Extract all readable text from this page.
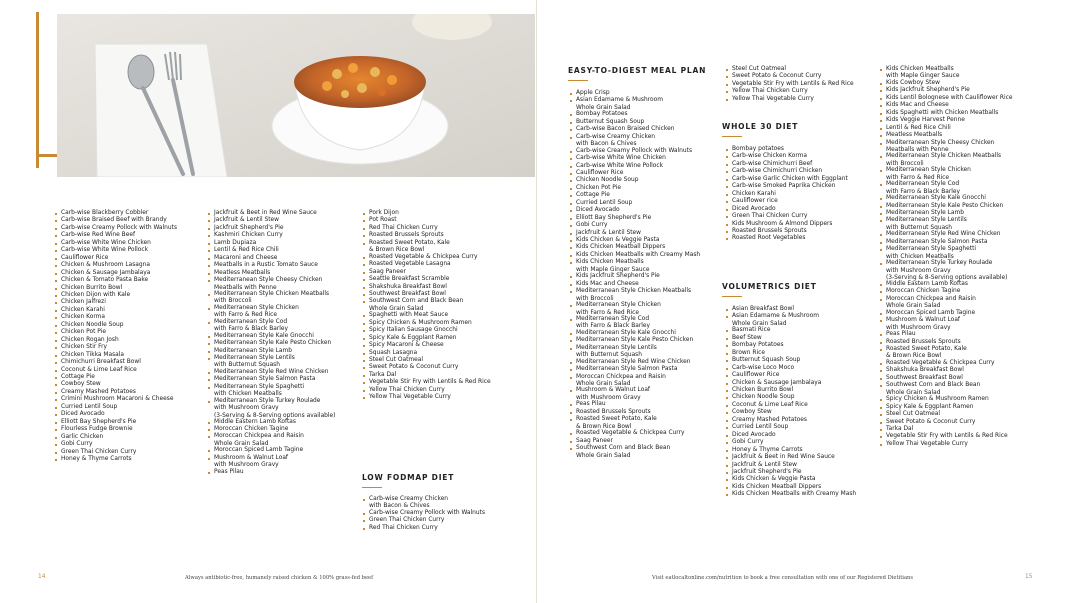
Carb-wise Blackberry Cobbler
Carb-wise Braised Beef with Brandy
Carb-wise Creamy Pollock with Walnuts
Carb-wise Red Wine Beef
Carb-wise White Wine Chicken
Carb-wise White Wine Pollock
Cauliflower Rice
Chicken & Mushroom Lasagna
Chicken & Sausage Jambalaya
Chicken & Tomato Pasta Bake
Chicken Burrito Bowl
Chicken Dijon with Kale
Chicken Jalfrezi
Chicken Karahi
Chicken Korma
Chicken Noodle Soup
Chicken Pot Pie
Chicken Rogan Josh
Chicken Stir Fry
Chicken Tikka Masala
Chimichurri Breakfast Bowl
Coconut & Lime Leaf Rice
Cottage Pie
Cowboy Stew
Creamy Mashed Potatoes
Crimini Mushroom Macaroni & Cheese
Curried Lentil Soup
Diced Avocado
Elliott Bay Shepherd's Pie
Flourless Fudge Brownie
Garlic Chicken
Gobi Curry
Green Thai Chicken Curry
Honey & Thyme Carrots
Jackfruit & Beet in Red Wine Sauce
Jackfruit & Lentil Stew
Jackfruit Shepherd's Pie
Kashmiri Chicken Curry
Lamb Dupiaza
Lentil & Red Rice Chili
Macaroni and Cheese
Meatballs in a Rustic Tomato Sauce
Meatless Meatballs
Mediterranean Style Cheesy Chicken
Meatballs with Penne
Mediterranean Style Chicken Meatballs
with Broccoli
Mediterranean Style Chicken
with Farro & Red Rice
Mediterranean Style Cod
with Farro & Black Barley
Mediterranean Style Kale Gnocchi
Mediterranean Style Kale Pesto Chicken
Mediterranean Style Lamb
Mediterranean Style Lentils
with Butternut Squash
Mediterranean Style Red Wine Chicken
Mediterranean Style Salmon Pasta
Mediterranean Style Spaghetti
with Chicken Meatballs
Mediterranean Style Turkey Roulade
with Mushroom Gravy
(3-Serving & 8-Serving options available)
Middle Eastern Lamb Koftas
Moroccan Chicken Tagine
Moroccan Chickpea and Raisin
Whole Grain Salad
Moroccan Spiced Lamb Tagine
Mushroom & Walnut Loaf
with Mushroom Gravy
Peas Pilau
Pork Dijon
Pot Roast
Red Thai Chicken Curry
Roasted Brussels Sprouts
Roasted Sweet Potato, Kale
& Brown Rice Bowl
Roasted Vegetable & Chickpea Curry
Roasted Vegetable Lasagna
Saag Paneer
Seattle Breakfast Scramble
Shakshuka Breakfast Bowl
Southwest Breakfast Bowl
Southwest Corn and Black Bean
Whole Grain Salad
Spaghetti with Meat Sauce
Spicy Chicken & Mushroom Ramen
Spicy Italian Sausage Gnocchi
Spicy Kale & Eggplant Ramen
Spicy Macaroni & Cheese
Squash Lasagna
Steel Cut Oatmeal
Sweet Potato & Coconut Curry
Tarka Dal
Vegetable Stir Fry with Lentils & Red Rice
Yellow Thai Chicken Curry
Yellow Thai Vegetable Curry
LOW FODMAP DIET
Carb-wise Creamy Chicken
with Bacon & Chives
Carb-wise Creamy Pollock with Walnuts
Green Thai Chicken Curry
Red Thai Chicken Curry
14	Always antibiotic-free, humanely raised chicken & 100% grass-fed beef
EASY-TO-DIGEST MEAL PLAN
Apple Crisp
Asian Edamame & Mushroom
Whole Grain Salad
Bombay Potatoes
Butternut Squash Soup
Carb-wise Bacon Braised Chicken
Carb-wise Creamy Chicken
with Bacon & Chives
Carb-wise Creamy Pollock with Walnuts
Carb-wise White Wine Chicken
Carb-wise White Wine Pollock
Cauliflower Rice
Chicken Noodle Soup
Chicken Pot Pie
Cottage Pie
Curried Lentil Soup
Diced Avocado
Elliott Bay Shepherd's Pie
Gobi Curry
Jackfruit & Lentil Stew
Kids Chicken & Veggie Pasta
Kids Chicken Meatball Dippers
Kids Chicken Meatballs with Creamy Mash
Kids Chicken Meatballs
with Maple Ginger Sauce
Kids Jackfruit Shepherd's Pie
Kids Mac and Cheese
Mediterranean Style Chicken Meatballs
with Broccoli
Mediterranean Style Chicken
with Farro & Red Rice
Mediterranean Style Cod
with Farro & Black Barley
Mediterranean Style Kale Gnocchi
Mediterranean Style Kale Pesto Chicken
Mediterranean Style Lentils
with Butternut Squash
Mediterranean Style Red Wine Chicken
Mediterranean Style Salmon Pasta
Moroccan Chickpea and Raisin
Whole Grain Salad
Mushroom & Walnut Loaf
with Mushroom Gravy
Peas Pilau
Roasted Brussels Sprouts
Roasted Sweet Potato, Kale
& Brown Rice Bowl
Roasted Vegetable & Chickpea Curry
Saag Paneer
Southwest Corn and Black Bean
Whole Grain Salad
Steel Cut Oatmeal
Sweet Potato & Coconut Curry
Vegetable Stir Fry with Lentils & Red Rice
Yellow Thai Chicken Curry
Yellow Thai Vegetable Curry
WHOLE 30 DIET
Bombay potatoes
Carb-wise Chicken Korma
Carb-wise Chimichurri Beef
Carb-wise Chimichurri Chicken
Carb-wise Garlic Chicken with Eggplant
Carb-wise Smoked Paprika Chicken
Chicken Karahi
Cauliflower rice
Diced Avocado
Green Thai Chicken Curry
Kids Mushroom & Almond Dippers
Roasted Brussels Sprouts
Roasted Root Vegetables
VOLUMETRICS DIET
Asian Breakfast Bowl
Asian Edamame & Mushroom
Whole Grain Salad
Basmati Rice
Beef Stew
Bombay Potatoes
Brown Rice
Butternut Squash Soup
Carb-wise Loco Moco
Cauliflower Rice
Chicken & Sausage Jambalaya
Chicken Burrito Bowl
Chicken Noodle Soup
Coconut & Lime Leaf Rice
Cowboy Stew
Creamy Mashed Potatoes
Curried Lentil Soup
Diced Avocado
Gobi Curry
Honey & Thyme Carrots
Jackfruit & Beet in Red Wine Sauce
Jackfruit & Lentil Stew
Jackfruit Shepherd's Pie
Kids Chicken & Veggie Pasta
Kids Chicken Meatball Dippers
Kids Chicken Meatballs with Creamy Mash
Kids Chicken Meatballs
with Maple Ginger Sauce
Kids Cowboy Stew
Kids Jackfruit Shepherd's Pie
Kids Lentil Bolognese with Cauliflower Rice
Kids Mac and Cheese
Kids Spaghetti with Chicken Meatballs
Kids Veggie Harvest Penne
Lentil & Red Rice Chili
Meatless Meatballs
Mediterranean Style Cheesy Chicken
Meatballs with Penne
Mediterranean Style Chicken Meatballs
with Broccoli
Mediterranean Style Chicken
with Farro & Red Rice
Mediterranean Style Cod
with Farro & Black Barley
Mediterranean Style Kale Gnocchi
Mediterranean Style Kale Pesto Chicken
Mediterranean Style Lamb
Mediterranean Style Lentils
with Butternut Squash
Mediterranean Style Red Wine Chicken
Mediterranean Style Salmon Pasta
Mediterranean Style Spaghetti
with Chicken Meatballs
Mediterranean Style Turkey Roulade
with Mushroom Gravy
(3-Serving & 8-Serving options available)
Middle Eastern Lamb Koftas
Moroccan Chicken Tagine
Moroccan Chickpea and Raisin
Whole Grain Salad
Moroccan Spiced Lamb Tagine
Mushroom & Walnut Loaf
with Mushroom Gravy
Peas Pilau
Roasted Brussels Sprouts
Roasted Sweet Potato, Kale
& Brown Rice Bowl
Roasted Vegetable & Chickpea Curry
Shakshuka Breakfast Bowl
Southwest Breakfast Bowl
Southwest Corn and Black Bean
Whole Grain Salad
Spicy Chicken & Mushroom Ramen
Spicy Kale & Eggplant Ramen
Steel Cut Oatmeal
Sweet Potato & Coconut Curry
Tarka Dal
Vegetable Stir Fry with Lentils & Red Rice
Yellow Thai Vegetable Curry
Visit eatlocaltonline.com/nutrition to book a free consultation with one of our Registered Dietitians	15
